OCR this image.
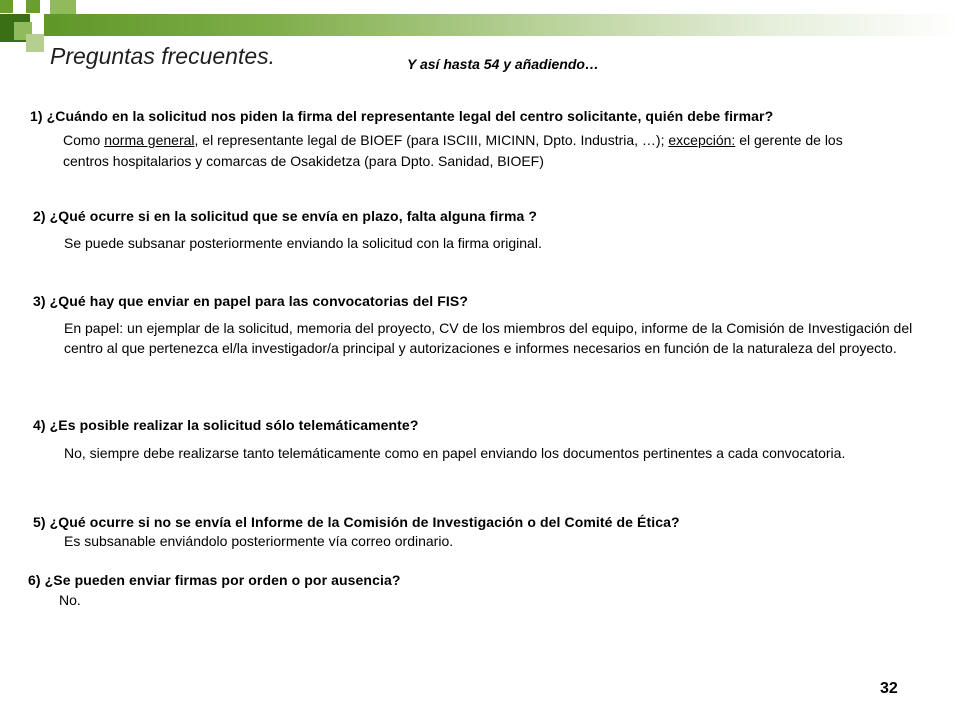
Preguntas frecuentes.	Y así hasta 54 y añadiendo…
1) ¿Cuándo en la solicitud nos piden la firma del representante legal del centro solicitante, quién debe firmar?
Como norma general, el representante legal de BIOEF (para ISCIII, MICINN, Dpto. Industria, …); excepción: el gerente de los centros hospitalarios y comarcas de Osakidetza (para Dpto. Sanidad, BIOEF)
2) ¿Qué ocurre si en la solicitud que se envía en plazo, falta alguna firma ?
Se puede subsanar posteriormente enviando la solicitud con la firma original.
3) ¿Qué hay que enviar en papel para las convocatorias del FIS?
En papel: un ejemplar de la solicitud, memoria del proyecto, CV de los miembros del equipo, informe de la Comisión de Investigación del centro al que pertenezca el/la investigador/a principal y autorizaciones e informes necesarios en función de la naturaleza del proyecto.
4) ¿Es posible realizar la solicitud sólo telemáticamente?
No, siempre debe realizarse tanto telemáticamente como en papel enviando los documentos pertinentes a cada convocatoria.
5) ¿Qué ocurre si no se envía el Informe de la Comisión de Investigación o del Comité de Ética?
Es subsanable enviándolo posteriormente vía correo ordinario.
6) ¿Se pueden enviar firmas por orden o por ausencia?
No.
32
